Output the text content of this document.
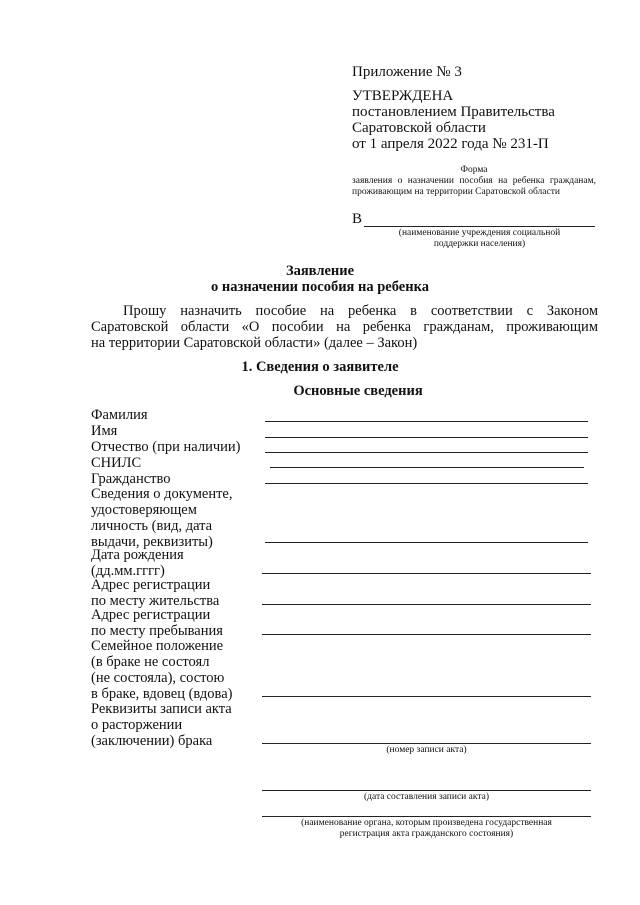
Приложение № 3
УТВЕРЖДЕНА
постановлением Правительства
Саратовской области
от 1 апреля 2022 года № 231-П
Форма
заявления о назначении пособия на ребенка гражданам,
проживающим на территории Саратовской области
В
(наименование учреждения социальной
поддержки населения)
Заявление
о назначении пособия на ребенка
Прошу назначить пособие на ребенка в соответствии с Законом
Саратовской области «О пособии на ребенка гражданам, проживающим
на территории Саратовской области» (далее – Закон)
1. Сведения о заявителе
Основные сведения
Фамилия
Имя
Отчество (при наличии)
СНИЛС
Гражданство
Сведения о документе,
удостоверяющем
личность (вид, дата
выдачи, реквизиты)
Дата рождения
(дд.мм.гггг)
Адрес регистрации
по месту жительства
Адрес регистрации
по месту пребывания
Семейное положение
(в браке не состоял
(не состояла), состою
в браке, вдовец (вдова)
Реквизиты записи акта
о расторжении
(заключении) брака
(номер записи акта)
(дата составления записи акта)
(наименование органа, которым произведена государственная
регистрация акта гражданского состояния)
